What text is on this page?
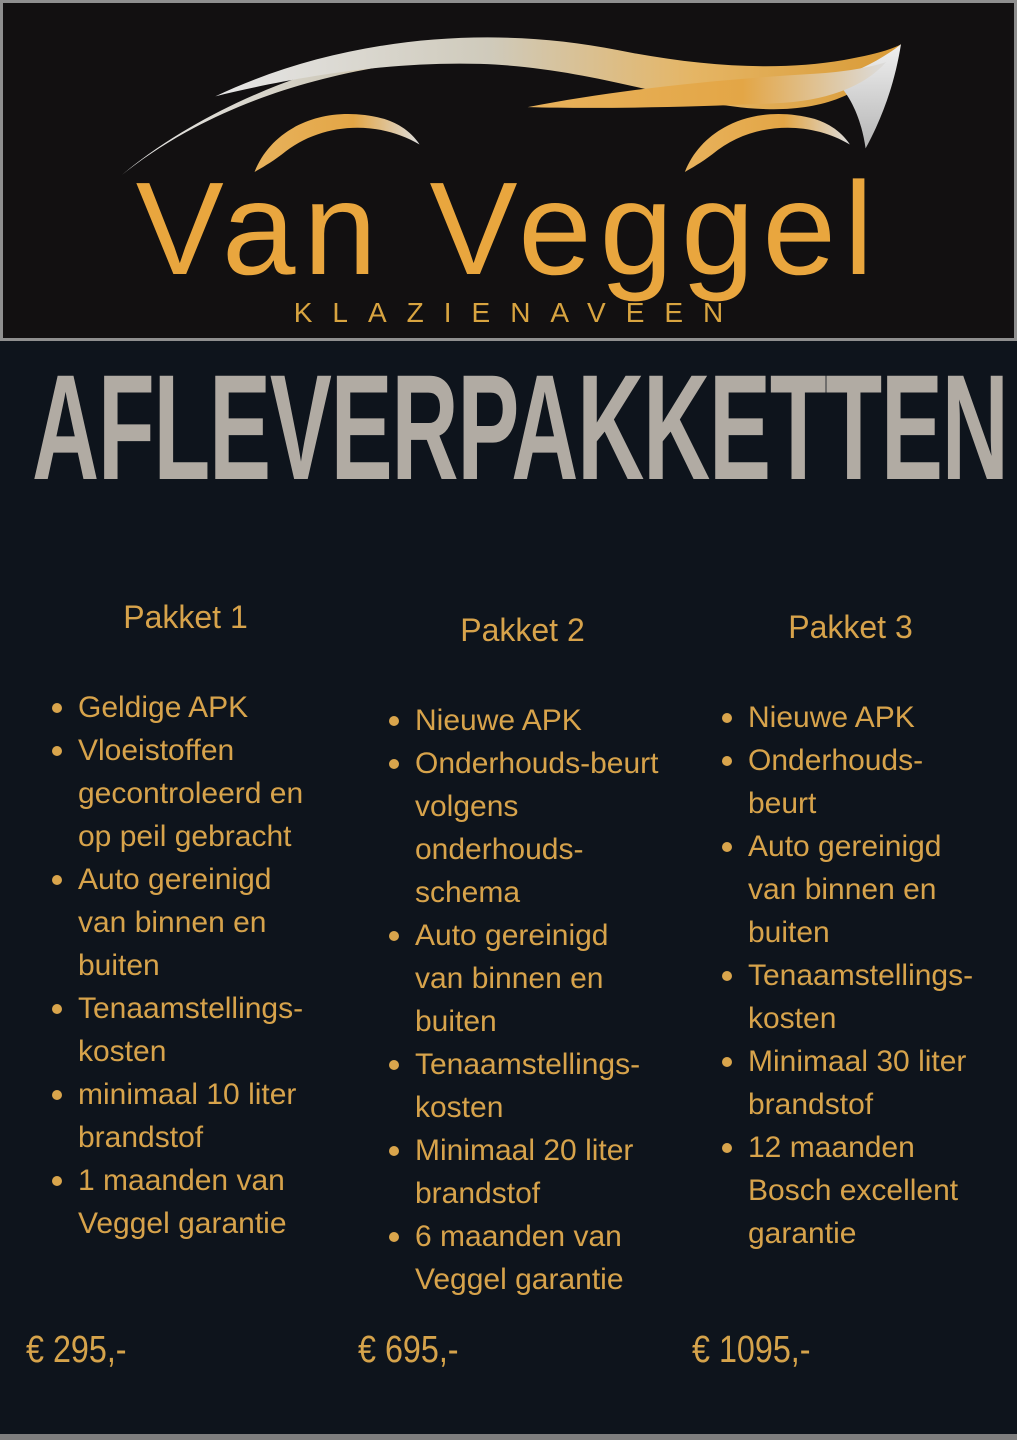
Van Veggel
KLAZIENAVEEN
AFLEVERPAKKETTEN
Pakket 1
Geldige APK
Vloeistoffen gecontroleerd en op peil gebracht
Auto gereinigd van binnen en buiten
Tenaamstellings-kosten
minimaal 10 liter brandstof
1 maanden van Veggel garantie
Pakket 2
Nieuwe APK
Onderhouds-beurt volgens onderhouds-schema
Auto gereinigd van binnen en buiten
Tenaamstellings-kosten
Minimaal 20 liter brandstof
6 maanden van Veggel garantie
Pakket 3
Nieuwe APK
Onderhouds-beurt
Auto gereinigd van binnen en buiten
Tenaamstellings-kosten
Minimaal 30 liter brandstof
12 maanden Bosch excellent garantie
€ 295,-	€ 695,-	€ 1095,-
